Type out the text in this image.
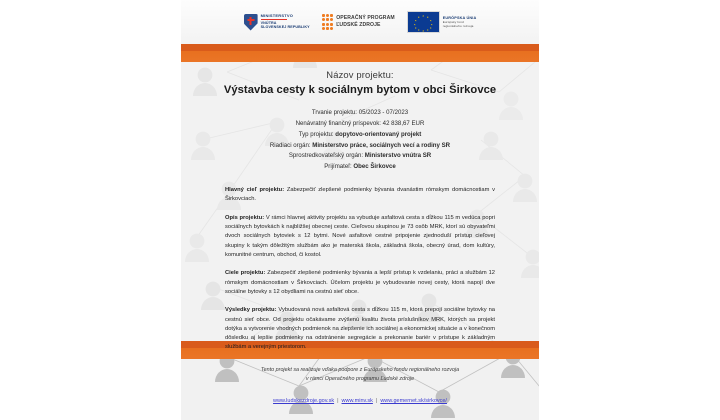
MINISTERSTVO
VNÚTRA
SLOVENSKEJ REPUBLIKY
OPERAČNÝ PROGRAM
ĽUDSKÉ ZDROJE
EURÓPSKA ÚNIA
Európsky fond
regionálneho rozvoja
Názov projektu:
Výstavba cesty k sociálnym bytom v obci Širkovce
Trvanie projektu: 05/2023 - 07/2023
Nenávratný finančný príspevok: 42 838,67 EUR
Typ projektu: dopytovo-orientovaný projekt
Riadiaci orgán: Ministerstvo práce, sociálnych vecí a rodiny SR
Sprostredkovateľský orgán: Ministerstvo vnútra SR
Prijímateľ: Obec Širkovce

Hlavný cieľ projektu: Zabezpečiť zlepšené podmienky bývania dvanástim rómskym domácnostiam v Širkovciach.

Opis projektu: V rámci hlavnej aktivity projektu sa vybuduje asfaltová cesta s dĺžkou 115 m vedúca popri sociálnych bytovkách k najbližšej obecnej ceste. Cieľovou skupinou je 73 osôb MRK, ktorí sú obyvateľmi dvoch sociálnych bytoviek s 12 bytmi. Nové asfaltové cestné pripojenie zjednoduší prístup cieľovej skupiny k takým dôležitým službám ako je materská škola, základná škola, obecný úrad, dom kultúry, komunitné centrum, obchod, či kostol.

Ciele projektu: Zabezpečiť zlepšené podmienky bývania a lepší prístup k vzdelaniu, práci a službám 12 rómskym domácnostiam v Širkovciach. Účelom projektu je vybudovanie novej cesty, ktorá napojí dve sociálne bytovky s 12 obydliami na cestnú sieť obce.

Výsledky projektu: Vybudovaná nová asfaltová cesta s dĺžkou 115 m, ktorá prepojí sociálne bytovky na cestnú sieť obce. Od projektu očakávame zvýšenú kvalitu života príslušníkov MRK, ktorých sa projekt dotýka a vytvorenie vhodných podmienok na zlepšenie ich sociálnej a ekonomickej situácie a v konečnom dôsledku aj lepšie podmienky na odstránenie segregácie a prekonanie bariér v prístupe k základným službám a verejným priestorom.

Tento projekt sa realizuje vďaka podpore z Európskeho fondu regionálneho rozvoja
v rámci Operačného programu Ľudské zdroje
www.ludskezdroje.gov.sk | www.minv.sk | www.gemernet.sk/sirkovce/
